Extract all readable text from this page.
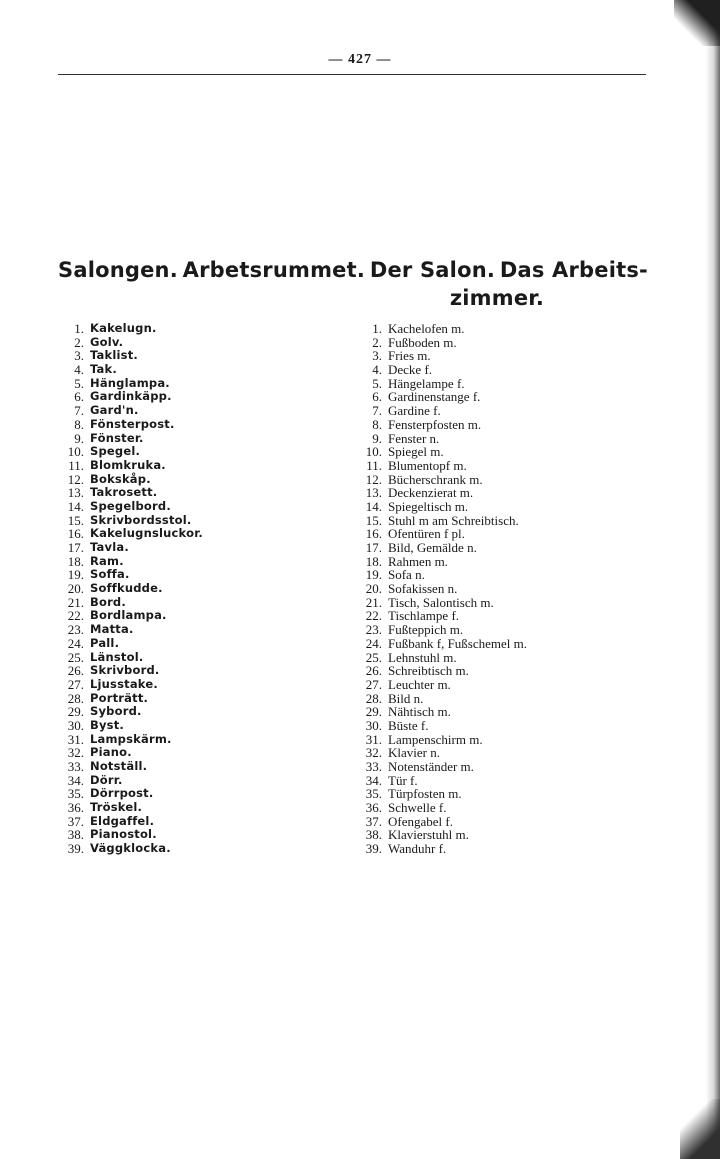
— 427 —
Salongen. Arbetsrummet. Der Salon. Das Arbeits-
zimmer.
1. Kakelugn.
2. Golv.
3. Taklist.
4. Tak.
5. Hänglampa.
6. Gardinkäpp.
7. Gard'n.
8. Fönsterpost.
9. Fönster.
10. Spegel.
11. Blomkruka.
12. Bokskåp.
13. Takrosett.
14. Spegelbord.
15. Skrivbordsstol.
16. Kakelugnsluckor.
17. Tavla.
18. Ram.
19. Soffa.
20. Soffkudde.
21. Bord.
22. Bordlampa.
23. Matta.
24. Pall.
25. Länstol.
26. Skrivbord.
27. Ljusstake.
28. Porträtt.
29. Sybord.
30. Byst.
31. Lampskärm.
32. Piano.
33. Notställ.
34. Dörr.
35. Dörrpost.
36. Tröskel.
37. Eldgaffel.
38. Pianostol.
39. Väggklocka.
1. Kachelofen m.
2. Fußboden m.
3. Fries m.
4. Decke f.
5. Hängelampe f.
6. Gardinenstange f.
7. Gardine f.
8. Fensterpfosten m.
9. Fenster n.
10. Spiegel m.
11. Blumentopf m.
12. Bücherschrank m.
13. Deckenzierat m.
14. Spiegeltisch m.
15. Stuhl m am Schreibtisch.
16. Ofentüren f pl.
17. Bild, Gemälde n.
18. Rahmen m.
19. Sofa n.
20. Sofakissen n.
21. Tisch, Salontisch m.
22. Tischlampe f.
23. Fußteppich m.
24. Fußbank f, Fußschemel m.
25. Lehnstuhl m.
26. Schreibtisch m.
27. Leuchter m.
28. Bild n.
29. Nähtisch m.
30. Büste f.
31. Lampenschirm m.
32. Klavier n.
33. Notenständer m.
34. Tür f.
35. Türpfosten m.
36. Schwelle f.
37. Ofengabel f.
38. Klavierstuhl m.
39. Wanduhr f.
